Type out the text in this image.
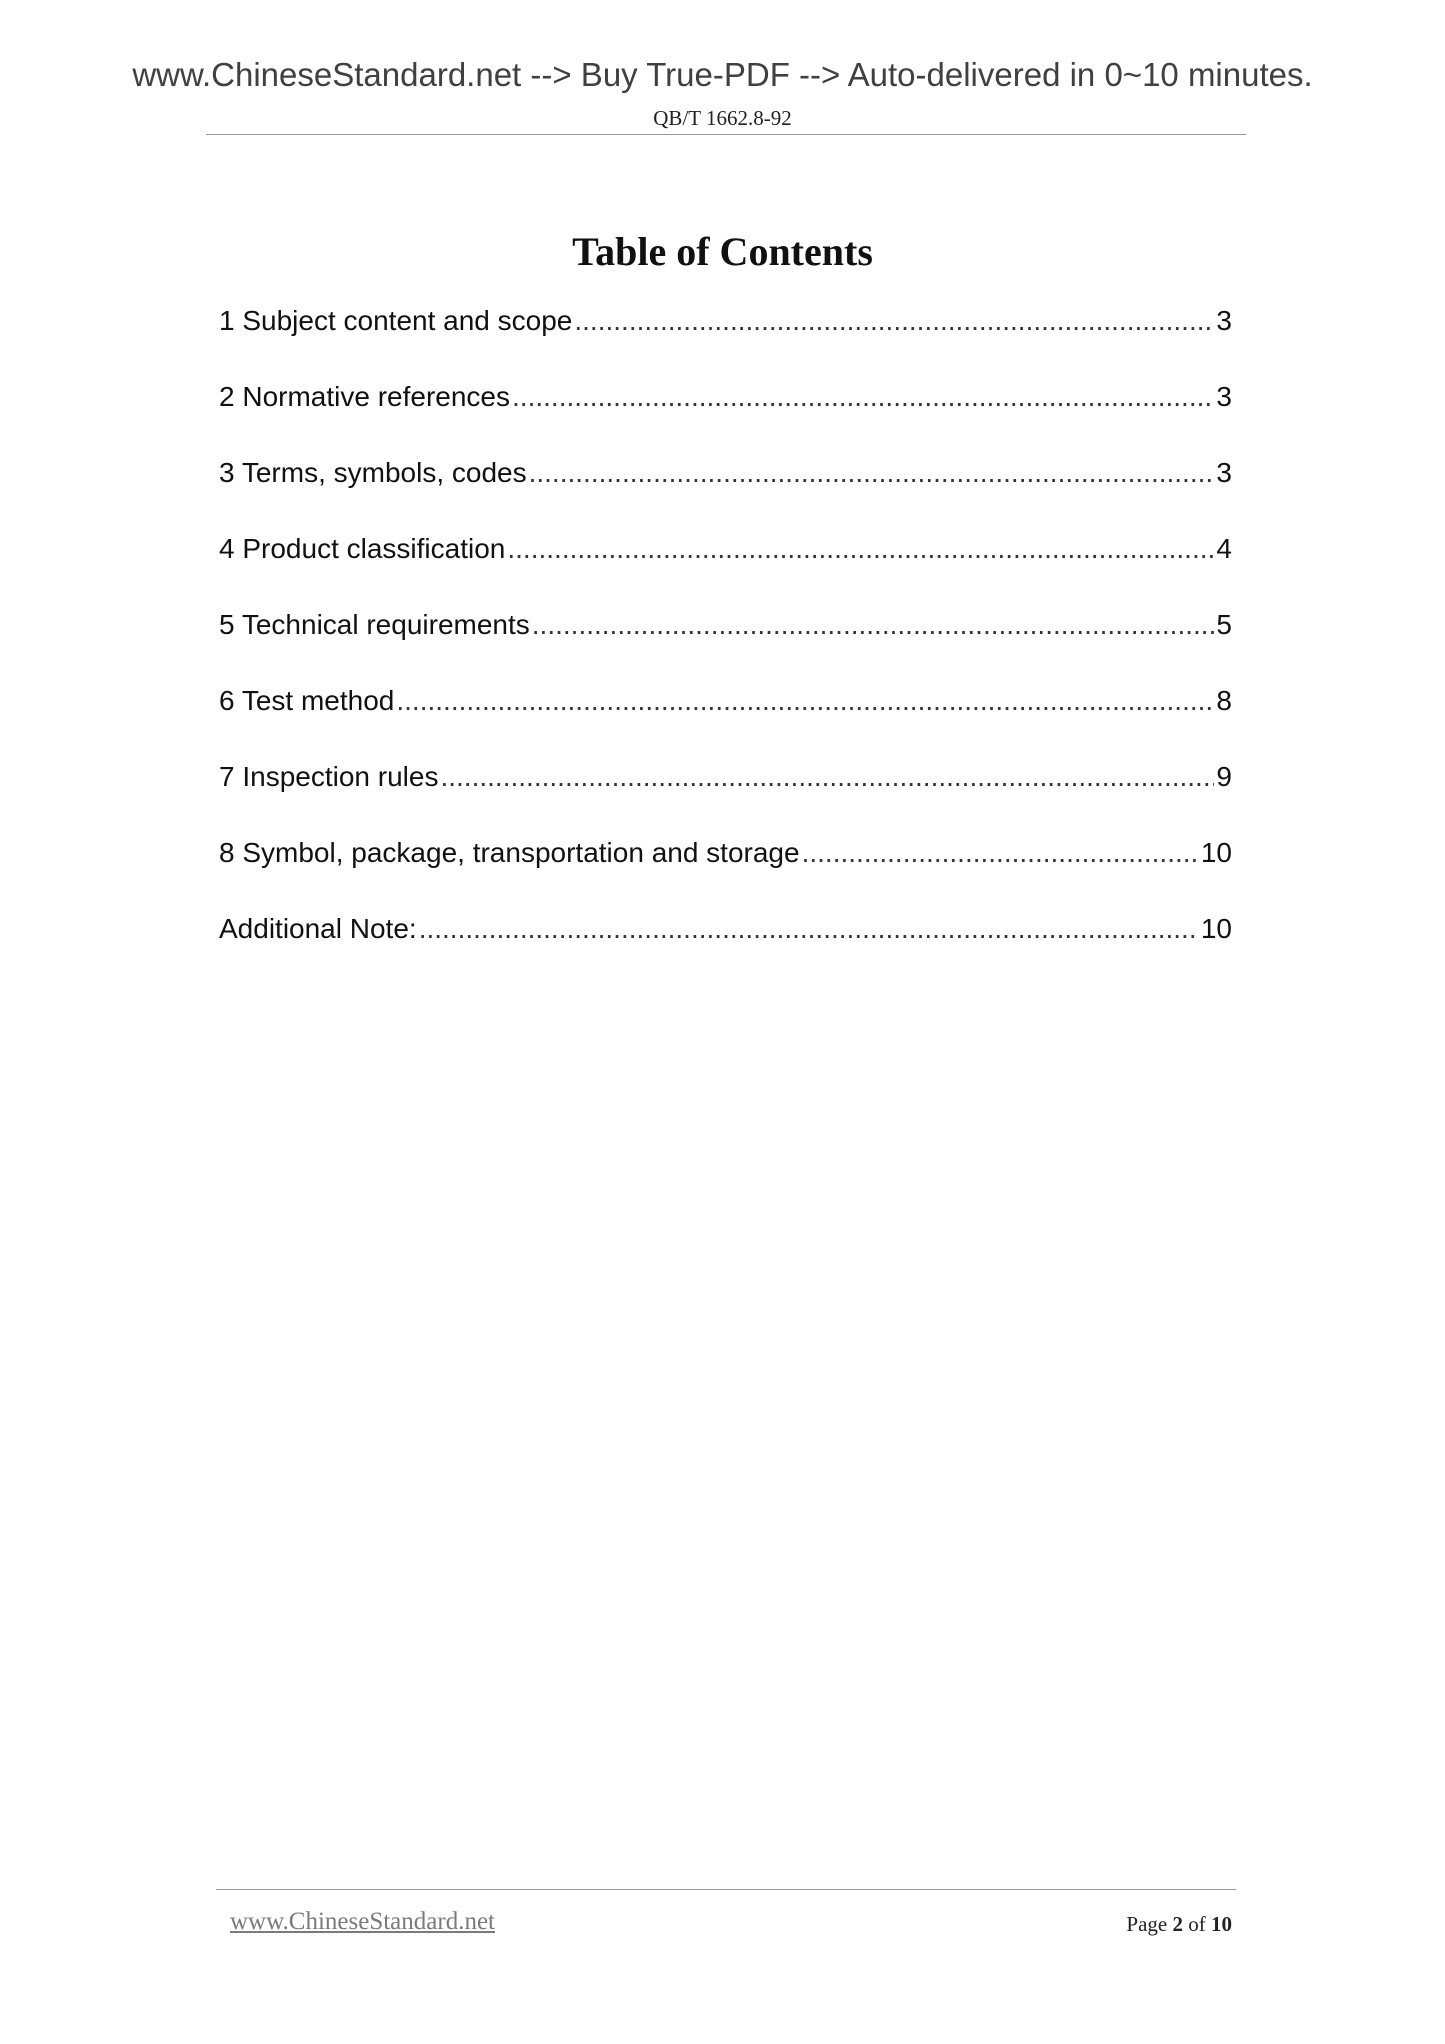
www.ChineseStandard.net --> Buy True-PDF --> Auto-delivered in 0~10 minutes.
QB/T 1662.8-92
Table of Contents
1 Subject content and scope .....	3
2 Normative references .....	3
3 Terms, symbols, codes .....	3
4 Product classification .....	4
5 Technical requirements .....	5
6 Test method .....	8
7 Inspection rules .....	9
8 Symbol, package, transportation and storage .....	10
Additional Note: .....	10
www.ChineseStandard.net	Page 2 of 10
